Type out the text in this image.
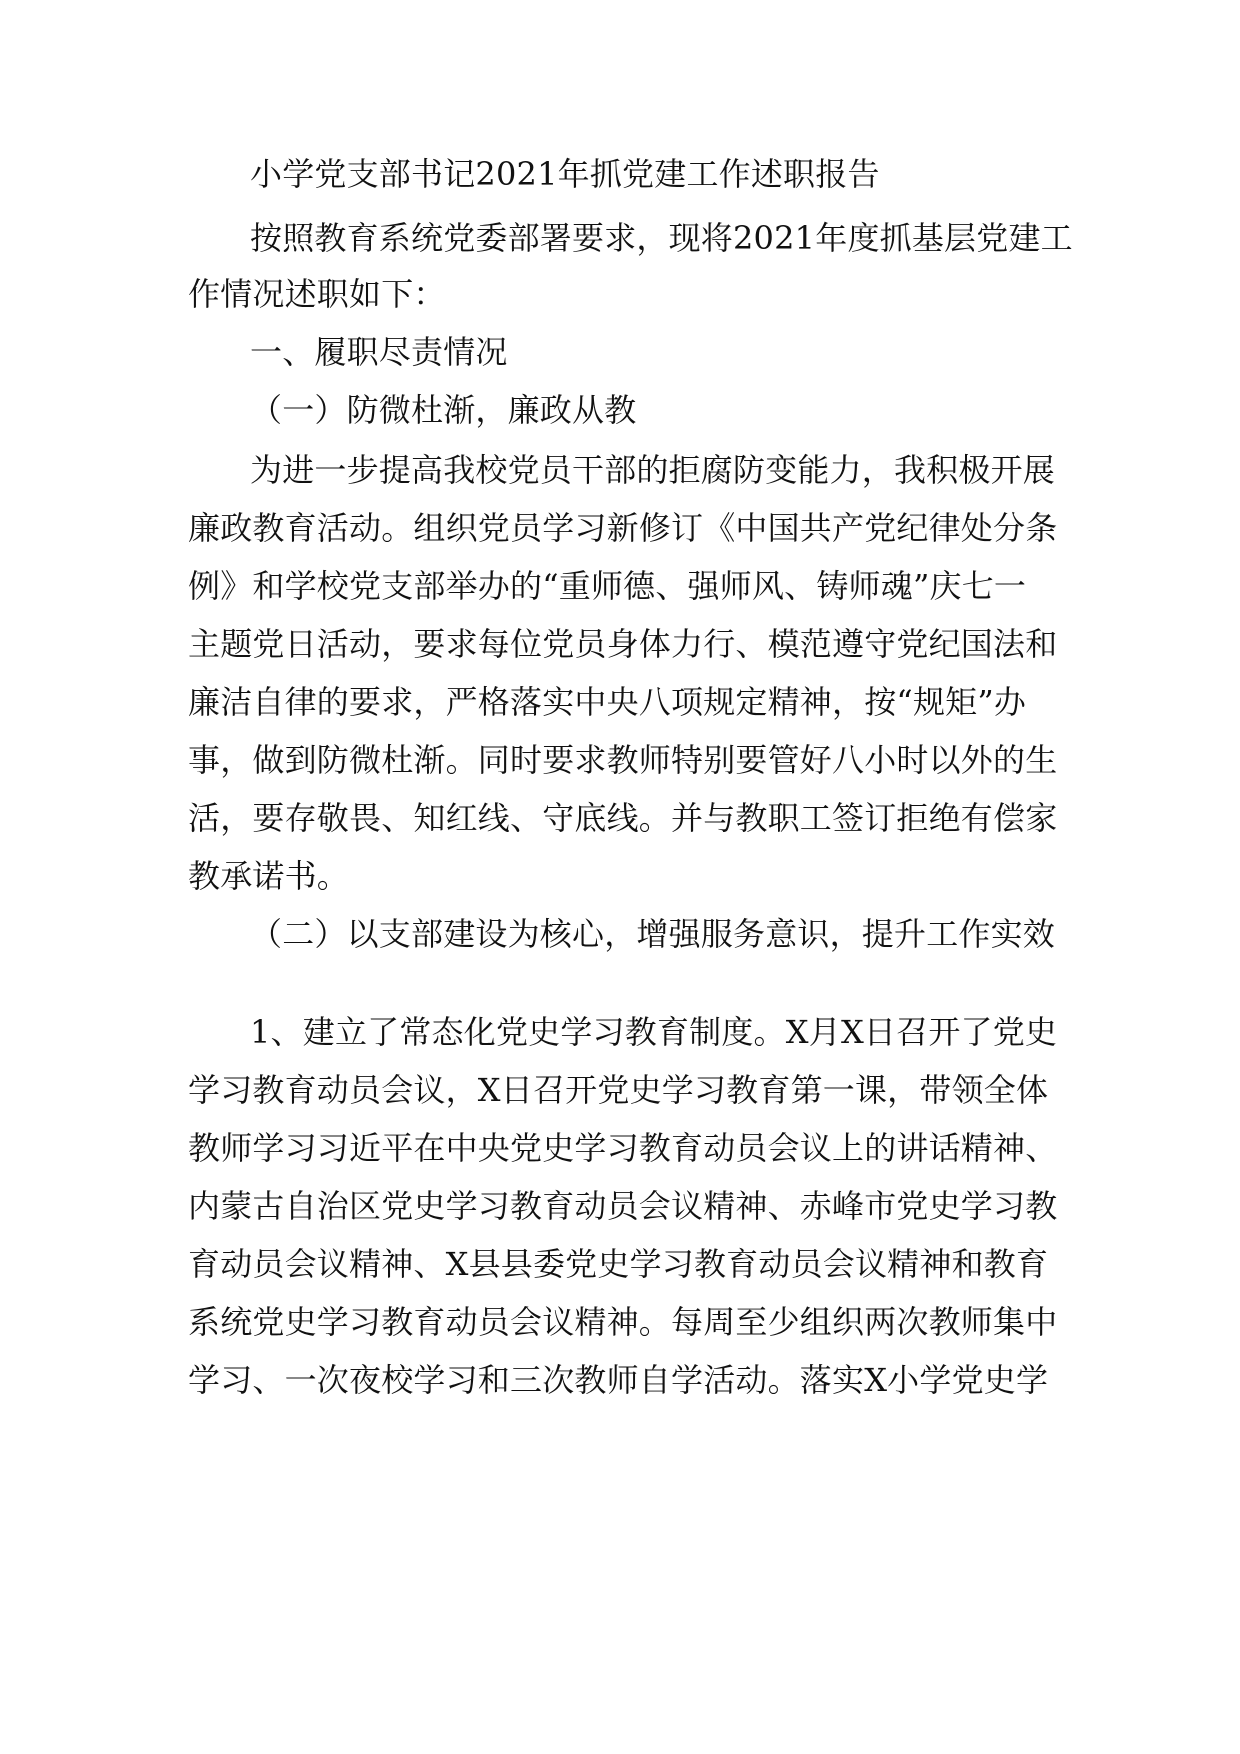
小学党支部书记2021年抓党建工作述职报告
按照教育系统党委部署要求，现将2021年度抓基层党建工
作情况述职如下：
一、履职尽责情况
（一）防微杜渐，廉政从教
为进一步提高我校党员干部的拒腐防变能力，我积极开展
廉政教育活动。组织党员学习新修订《中国共产党纪律处分条
例》和学校党支部举办的“重师德、强师风、铸师魂”庆七一
主题党日活动，要求每位党员身体力行、模范遵守党纪国法和
廉洁自律的要求，严格落实中央八项规定精神，按“规矩”办
事，做到防微杜渐。同时要求教师特别要管好八小时以外的生
活，要存敬畏、知红线、守底线。并与教职工签订拒绝有偿家
教承诺书。
（二）以支部建设为核心，增强服务意识，提升工作实效
1、建立了常态化党史学习教育制度。X月X日召开了党史
学习教育动员会议，X日召开党史学习教育第一课，带领全体
教师学习习近平在中央党史学习教育动员会议上的讲话精神、
内蒙古自治区党史学习教育动员会议精神、赤峰市党史学习教
育动员会议精神、X县县委党史学习教育动员会议精神和教育
系统党史学习教育动员会议精神。每周至少组织两次教师集中
学习、一次夜校学习和三次教师自学活动。落实X小学党史学
